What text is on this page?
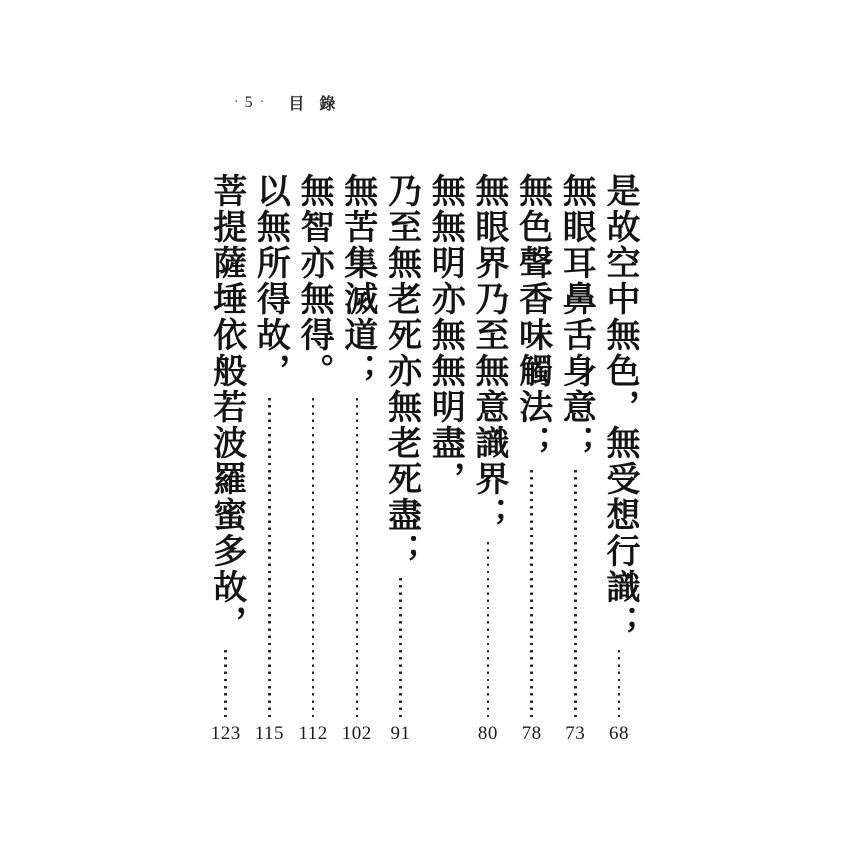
· 5 · 目錄
是故空中無色，無受想行識；
68
無眼耳鼻舌身意；
73
無色聲香味觸法；
78
無眼界乃至無意識界；
80
無無明亦無無明盡，
乃至無老死亦無老死盡；
91
無苦集滅道；
102
無智亦無得。
112
以無所得故，
115
菩提薩埵依般若波羅蜜多故，
123
